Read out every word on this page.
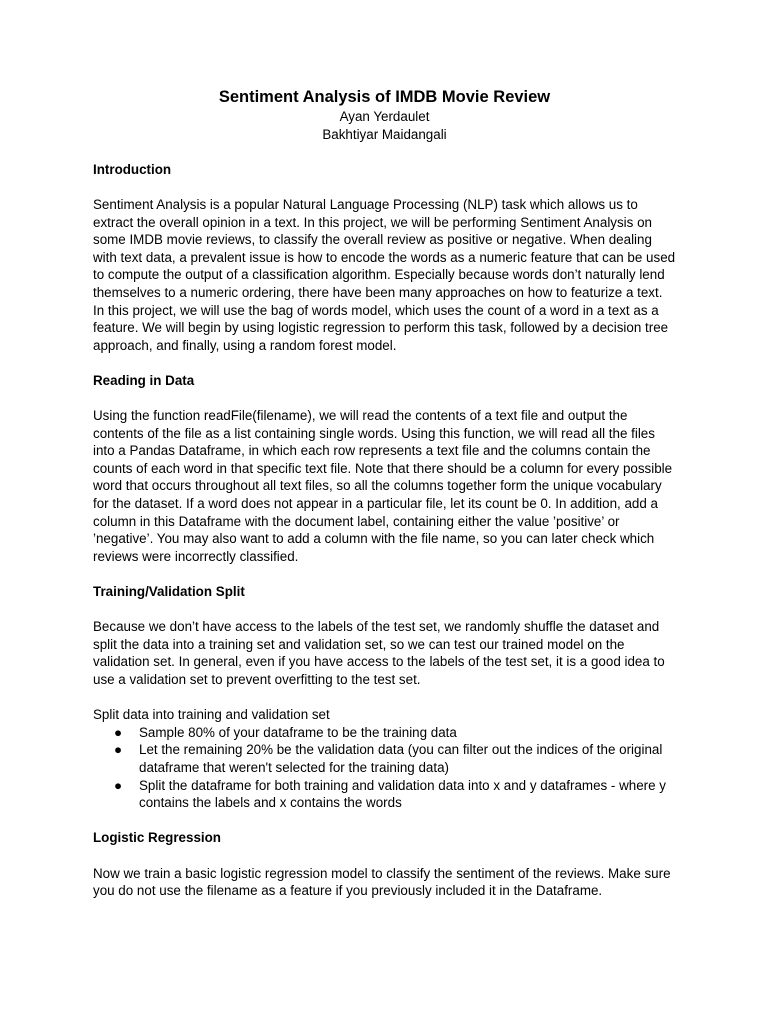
Sentiment Analysis of IMDB Movie Review

Ayan Yerdaulet

Bakhtiyar Maidangali

Introduction

Sentiment Analysis is a popular Natural Language Processing (NLP) task which allows us to extract the overall opinion in a text. In this project, we will be performing Sentiment Analysis on some IMDB movie reviews, to classify the overall review as positive or negative. When dealing with text data, a prevalent issue is how to encode the words as a numeric feature that can be used to compute the output of a classification algorithm. Especially because words don’t naturally lend themselves to a numeric ordering, there have been many approaches on how to featurize a text. In this project, we will use the bag of words model, which uses the count of a word in a text as a feature. We will begin by using logistic regression to perform this task, followed by a decision tree approach, and finally, using a random forest model.

Reading in Data

Using the function readFile(filename), we will read the contents of a text file and output the contents of the file as a list containing single words. Using this function, we will read all the files into a Pandas Dataframe, in which each row represents a text file and the columns contain the counts of each word in that specific text file. Note that there should be a column for every possible word that occurs throughout all text files, so all the columns together form the unique vocabulary for the dataset. If a word does not appear in a particular file, let its count be 0. In addition, add a column in this Dataframe with the document label, containing either the value ’positive’ or ’negative’. You may also want to add a column with the file name, so you can later check which reviews were incorrectly classified.

Training/Validation Split

Because we don’t have access to the labels of the test set, we randomly shuffle the dataset and split the data into a training set and validation set, so we can test our trained model on the validation set. In general, even if you have access to the labels of the test set, it is a good idea to use a validation set to prevent overfitting to the test set.

Split data into training and validation set

● Sample 80% of your dataframe to be the training data
● Let the remaining 20% be the validation data (you can filter out the indices of the original dataframe that weren't selected for the training data)
● Split the dataframe for both training and validation data into x and y dataframes - where y contains the labels and x contains the words
Logistic Regression

Now we train a basic logistic regression model to classify the sentiment of the reviews. Make sure you do not use the filename as a feature if you previously included it in the Dataframe.
